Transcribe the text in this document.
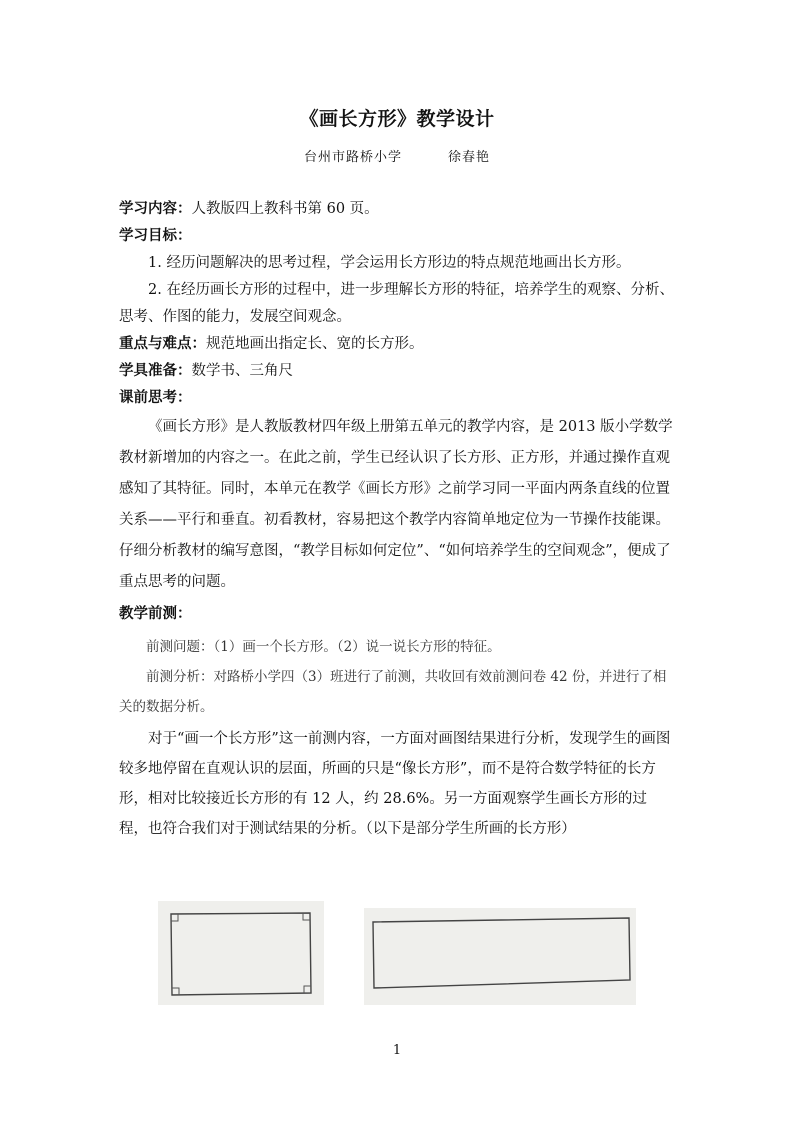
《画长方形》教学设计
台州市路桥小学	徐春艳

学习内容：人教版四上教科书第 60 页。

学习目标：

1. 经历问题解决的思考过程，学会运用长方形边的特点规范地画出长方形。

2. 在经历画长方形的过程中，进一步理解长方形的特征，培养学生的观察、分析、思考、作图的能力，发展空间观念。

重点与难点：规范地画出指定长、宽的长方形。

学具准备：数学书、三角尺

课前思考：

《画长方形》是人教版教材四年级上册第五单元的教学内容，是 2013 版小学数学教材新增加的内容之一。在此之前，学生已经认识了长方形、正方形，并通过操作直观感知了其特征。同时，本单元在教学《画长方形》之前学习同一平面内两条直线的位置关系——平行和垂直。初看教材，容易把这个教学内容简单地定位为一节操作技能课。仔细分析教材的编写意图，“教学目标如何定位”、“如何培养学生的空间观念”，便成了重点思考的问题。

教学前测：

前测问题：（1）画一个长方形。（2）说一说长方形的特征。

前测分析：对路桥小学四（3）班进行了前测，共收回有效前测问卷 42 份，并进行了相关的数据分析。

对于“画一个长方形”这一前测内容，一方面对画图结果进行分析，发现学生的画图较多地停留在直观认识的层面，所画的只是“像长方形”，而不是符合数学特征的长方形，相对比较接近长方形的有 12 人，约 28.6%。另一方面观察学生画长方形的过程，也符合我们对于测试结果的分析。（以下是部分学生所画的长方形）

1
